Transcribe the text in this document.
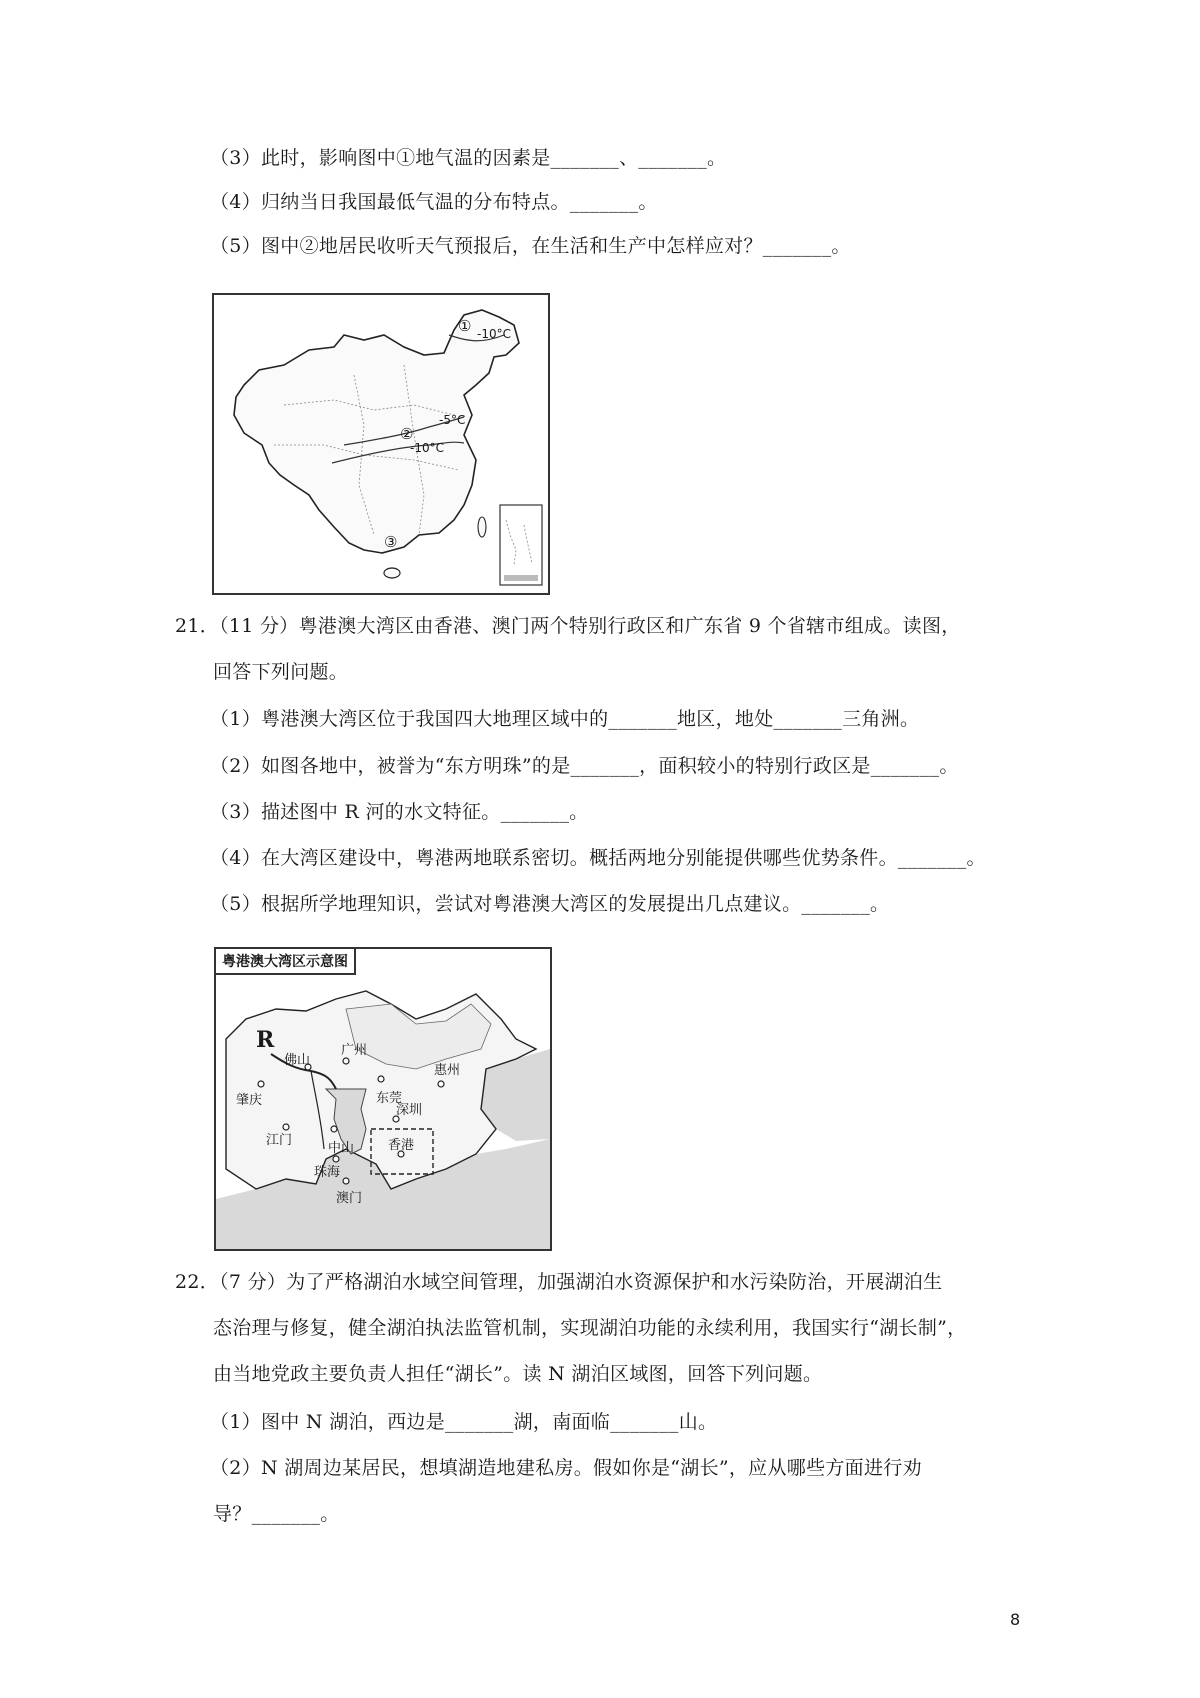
（3）此时，影响图中①地气温的因素是_______、_______。
（4）归纳当日我国最低气温的分布特点。_______。
（5）图中②地居民收听天气预报后，在生活和生产中怎样应对？_______。
①
②
③
-10°C
-5°C
-10°C
21．（11 分）粤港澳大湾区由香港、澳门两个特别行政区和广东省 9 个省辖市组成。读图，
回答下列问题。
（1）粤港澳大湾区位于我国四大地理区域中的_______地区，地处_______三角洲。
（2）如图各地中，被誉为“东方明珠”的是_______，面积较小的特别行政区是_______。
（3）描述图中 R 河的水文特征。_______。
（4）在大湾区建设中，粤港两地联系密切。概括两地分别能提供哪些优势条件。_______。
（5）根据所学地理知识，尝试对粤港澳大湾区的发展提出几点建议。_______。
粤港澳大湾区示意图
R
佛山
广州
肇庆	东莞
惠州
深圳
江门
中山	香港
珠海
澳门
22．（7 分）为了严格湖泊水域空间管理，加强湖泊水资源保护和水污染防治，开展湖泊生
态治理与修复，健全湖泊执法监管机制，实现湖泊功能的永续利用，我国实行“湖长制”，
由当地党政主要负责人担任“湖长”。读 N 湖泊区域图，回答下列问题。
（1）图中 N 湖泊，西边是_______湖，南面临_______山。
（2）N 湖周边某居民，想填湖造地建私房。假如你是“湖长”，应从哪些方面进行劝
导？_______。
8
